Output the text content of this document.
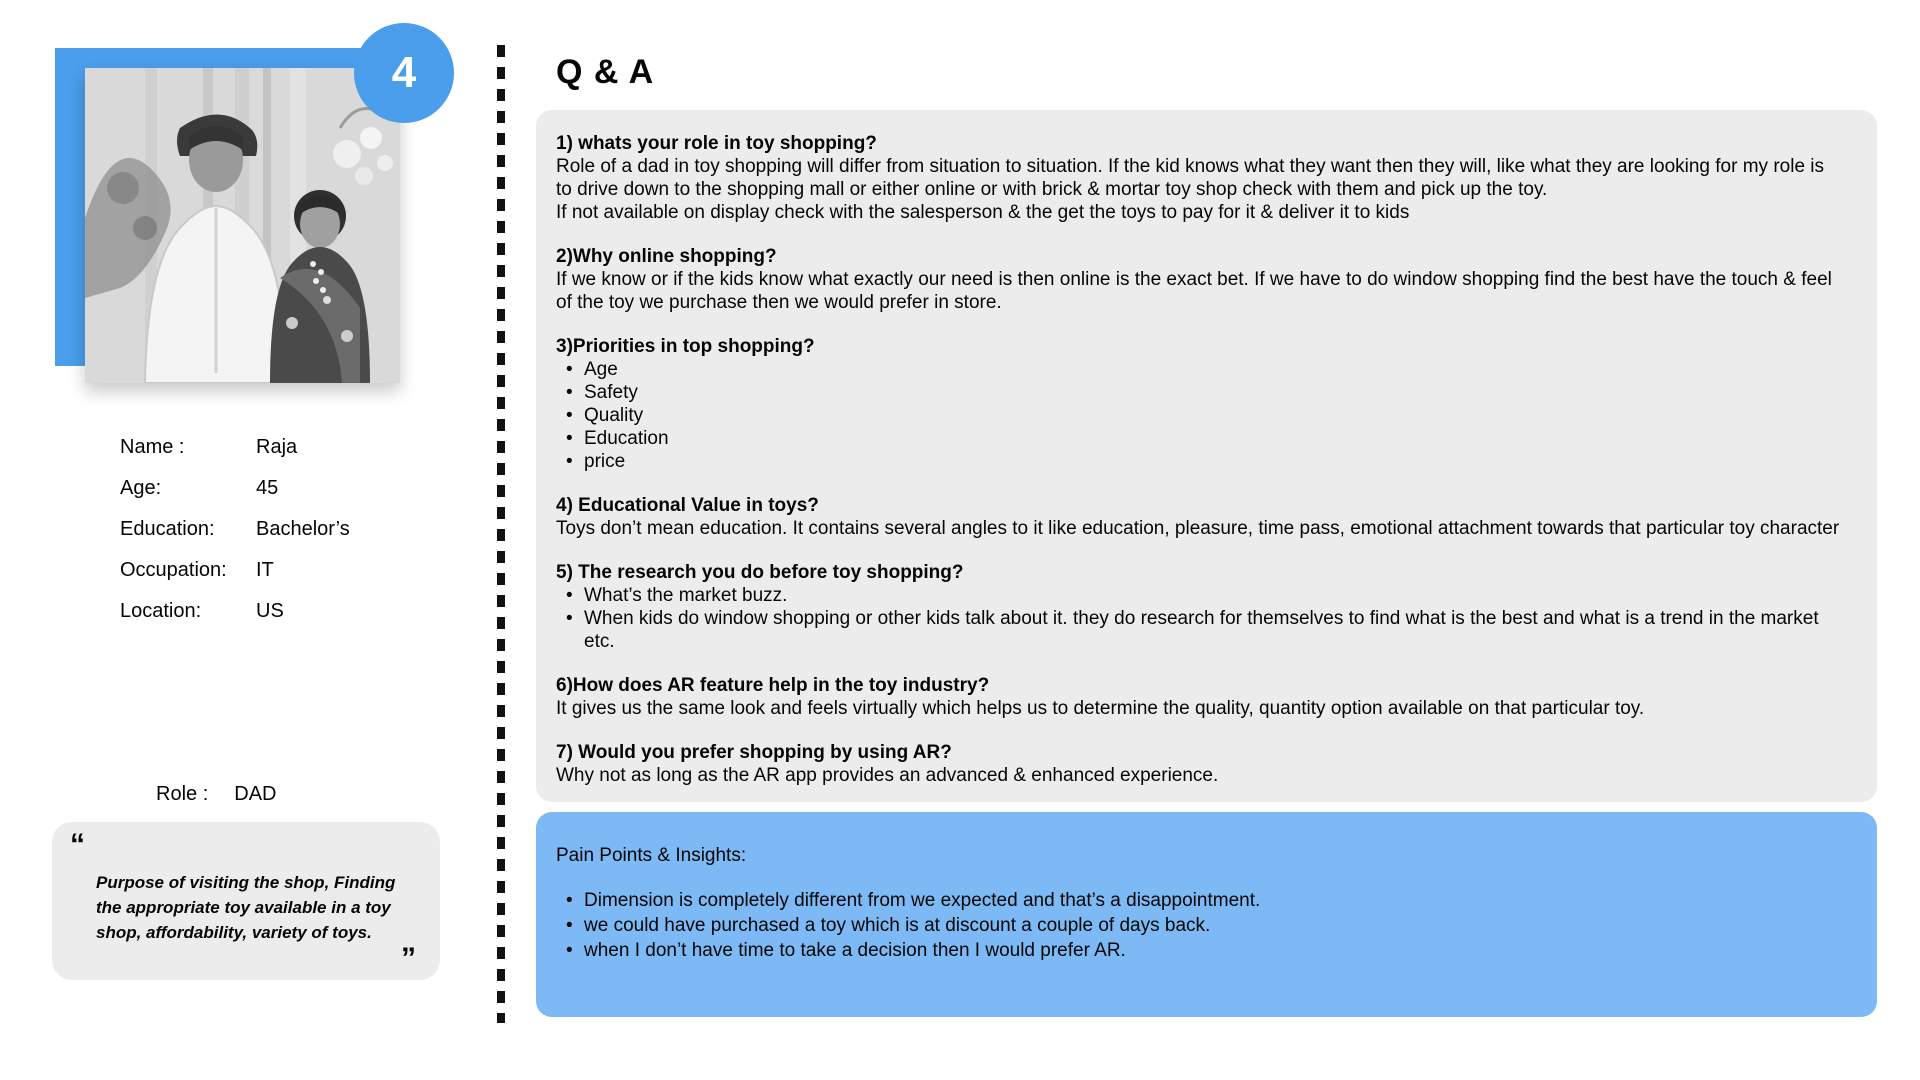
4
Name :	Raja
Age:	45
Education:	Bachelor’s
Occupation:	IT
Location:	US
Role : DAD
“

Purpose of visiting the shop, Finding the appropriate toy available in a toy shop, affordability, variety of toys.

”
Q & A
1) whats your role in toy shopping?
Role of a dad in toy shopping will differ from situation to situation. If the kid knows what they want then they will, like what they are looking for my role is to drive down to the shopping mall or either online or with brick & mortar toy shop check with them and pick up the toy.
If not available on display check with the salesperson & the get the toys to pay for it & deliver it to kids
2)Why online shopping?
If we know or if the kids know what exactly our need is then online is the exact bet. If we have to do window shopping find the best have the touch & feel of the toy we purchase then we would prefer in store.
3)Priorities in top shopping?
• Age
• Safety
• Quality
• Education
• price
4) Educational Value in toys?
Toys don’t mean education. It contains several angles to it like education, pleasure, time pass, emotional attachment towards that particular toy character
5) The research you do before toy shopping?
• What’s the market buzz.
• When kids do window shopping or other kids talk about it. they do research for themselves to find what is the best and what is a trend in the market etc.
6)How does AR feature help in the toy industry?
It gives us the same look and feels virtually which helps us to determine the quality, quantity option available on that particular toy.
7) Would you prefer shopping by using AR?
Why not as long as the AR app provides an advanced & enhanced experience.
Pain Points & Insights:
• Dimension is completely different from we expected and that’s a disappointment.
• we could have purchased a toy which is at discount a couple of days back.
• when I don’t have time to take a decision then I would prefer AR.
